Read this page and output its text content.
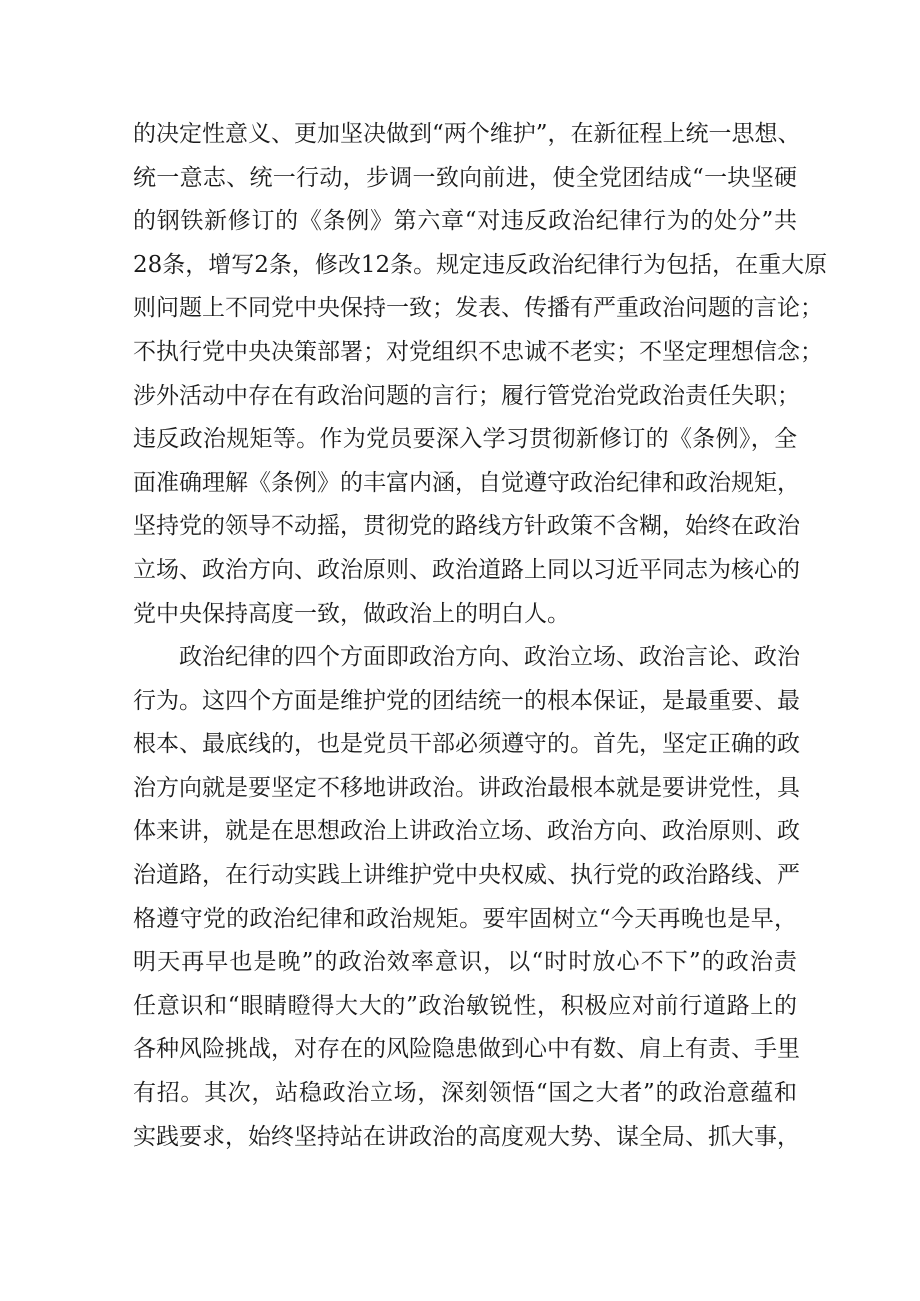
的决定性意义、更加坚决做到“两个维护”，在新征程上统一思想、
统一意志、统一行动，步调一致向前进，使全党团结成“一块坚硬
的钢铁新修订的《条例》第六章“对违反政治纪律行为的处分”共
28条，增写2条，修改12条。规定违反政治纪律行为包括，在重大原
则问题上不同党中央保持一致；发表、传播有严重政治问题的言论；
不执行党中央决策部署；对党组织不忠诚不老实；不坚定理想信念；
涉外活动中存在有政治问题的言行；履行管党治党政治责任失职；
违反政治规矩等。作为党员要深入学习贯彻新修订的《条例》，全
面准确理解《条例》的丰富内涵，自觉遵守政治纪律和政治规矩，
坚持党的领导不动摇，贯彻党的路线方针政策不含糊，始终在政治
立场、政治方向、政治原则、政治道路上同以习近平同志为核心的
党中央保持高度一致，做政治上的明白人。
政治纪律的四个方面即政治方向、政治立场、政治言论、政治
行为。这四个方面是维护党的团结统一的根本保证，是最重要、最
根本、最底线的，也是党员干部必须遵守的。首先，坚定正确的政
治方向就是要坚定不移地讲政治。讲政治最根本就是要讲党性，具
体来讲，就是在思想政治上讲政治立场、政治方向、政治原则、政
治道路，在行动实践上讲维护党中央权威、执行党的政治路线、严
格遵守党的政治纪律和政治规矩。要牢固树立“今天再晚也是早，
明天再早也是晚”的政治效率意识，以“时时放心不下”的政治责
任意识和“眼睛瞪得大大的”政治敏锐性，积极应对前行道路上的
各种风险挑战，对存在的风险隐患做到心中有数、肩上有责、手里
有招。其次，站稳政治立场，深刻领悟“国之大者”的政治意蕴和
实践要求，始终坚持站在讲政治的高度观大势、谋全局、抓大事，
